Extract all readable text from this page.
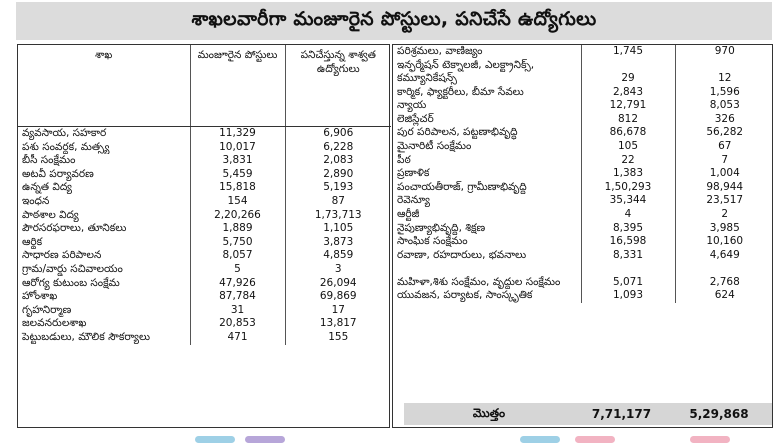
శాఖలవారీగా మంజూరైన పోస్టులు, పనిచేసే ఉద్యోగులు
శాఖ	మంజూరైన పోస్టులు	పనిచేస్తున్న శాశ్వత ఉద్యోగులు
వ్యవసాయ, సహకార	11,329	6,906
పశు సంవర్ధక, మత్స్య	10,017	6,228
బీసీ సంక్షేమం	3,831	2,083
అటవీ పర్యావరణ	5,459	2,890
ఉన్నత విద్య	15,818	5,193
ఇంధన	154	87
పాఠశాల విద్య	2,20,266	1,73,713
పౌరసరఫరాలు, తూనికలు	1,889	1,105
ఆర్థిక	5,750	3,873
సాధారణ పరిపాలన	8,057	4,859
గ్రామ/వార్డు సచివాలయం	5	3
ఆరోగ్య కుటుంబ సంక్షేమ	47,926	26,094
హోంశాఖ	87,784	69,869
గృహనిర్మాణ	31	17
జలవనరులశాఖ	20,853	13,817
పెట్టుబడులు, మౌలిక సౌకర్యాలు	471	155
పరిశ్రమలు, వాణిజ్యం	1,745	970
ఇన్ఫర్మేషన్ టెక్నాలజీ, ఎలక్ట్రానిక్స్, కమ్యూనికేషన్స్	29	12
కార్మిక, ఫ్యాక్టరీలు, బీమా సేవలు	2,843	1,596
న్యాయ	12,791	8,053
లెజిస్లేచర్	812	326
పుర పరిపాలన, పట్టణాభివృద్ధి	86,678	56,282
మైనారిటీ సంక్షేమం	105	67
పీఠ	22	7
ప్రణాళిక	1,383	1,004
పంచాయతీరాజ్, గ్రామీణాభివృద్ధి	1,50,293	98,944
రెవెన్యూ	35,344	23,517
ఆర్టీజీ	4	2
నైపుణ్యాభివృద్ధి, శిక్షణ	8,395	3,985
సాంఘిక సంక్షేమం	16,598	10,160
రవాణా, రహదారులు, భవనాలు	8,331	4,649
మహిళా,శిశు సంక్షేమం, వృద్ధుల సంక్షేమం	5,071	2,768
యువజన, పర్యాటక, సాంస్కృతిక	1,093	624
మొత్తం	7,71,177	5,29,868
